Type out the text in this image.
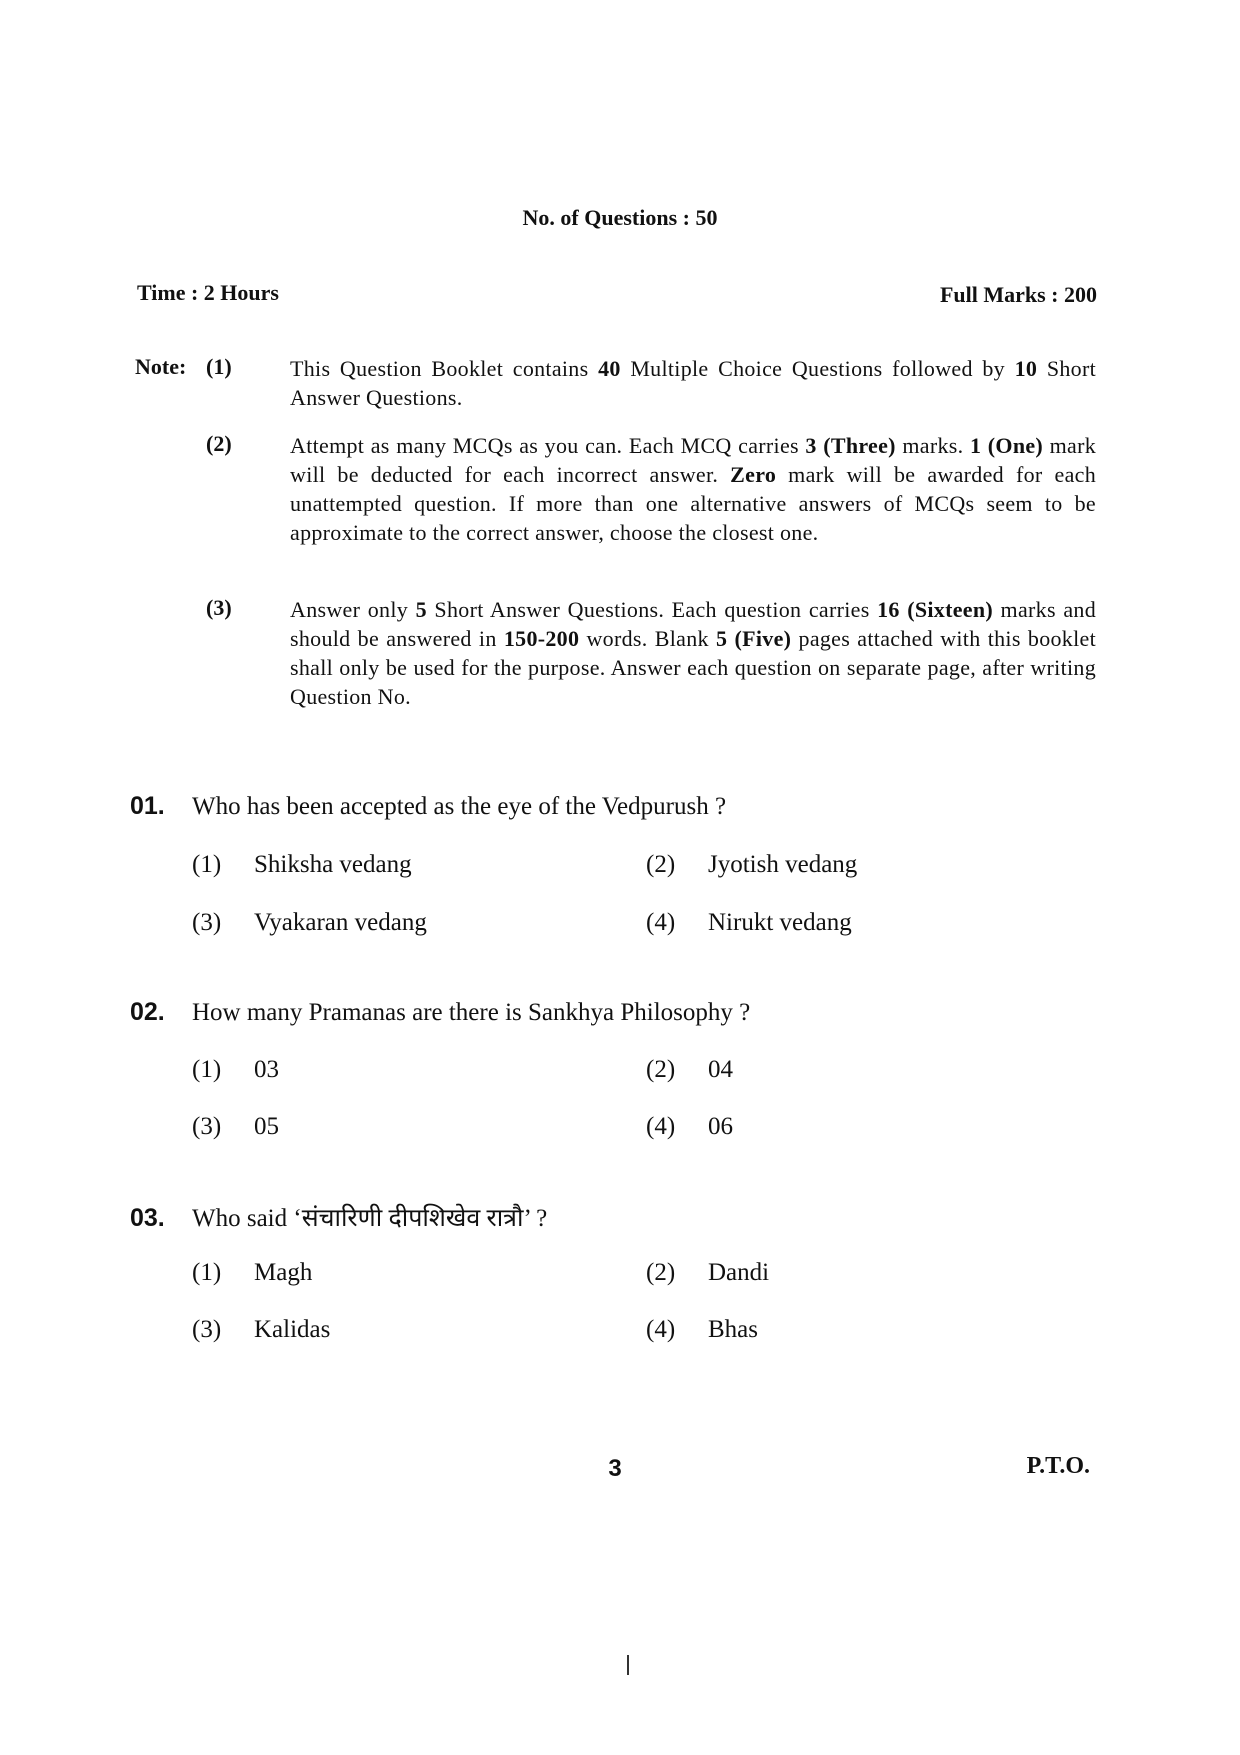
No. of Questions : 50
Time : 2 Hours	Full Marks : 200
Note: (1)	This Question Booklet contains 40 Multiple Choice Questions followed by 10 Short Answer Questions.
(2)	Attempt as many MCQs as you can. Each MCQ carries 3 (Three) marks. 1 (One) mark will be deducted for each incorrect answer. Zero mark will be awarded for each unattempted question. If more than one alternative answers of MCQs seem to be approximate to the correct answer, choose the closest one.
(3)	Answer only 5 Short Answer Questions. Each question carries 16 (Sixteen) marks and should be answered in 150-200 words. Blank 5 (Five) pages attached with this booklet shall only be used for the purpose. Answer each question on separate page, after writing Question No.
01. Who has been accepted as the eye of the Vedpurush ?
(1) Shiksha vedang	(2) Jyotish vedang
(3) Vyakaran vedang	(4) Nirukt vedang
02. How many Pramanas are there is Sankhya Philosophy ?
(1) 03	(2) 04
(3) 05	(4) 06
03. Who said ‘संचारिणी दीपशिखेव रात्रौ’ ?
(1) Magh	(2) Dandi
(3) Kalidas	(4) Bhas
3	P.T.O.
